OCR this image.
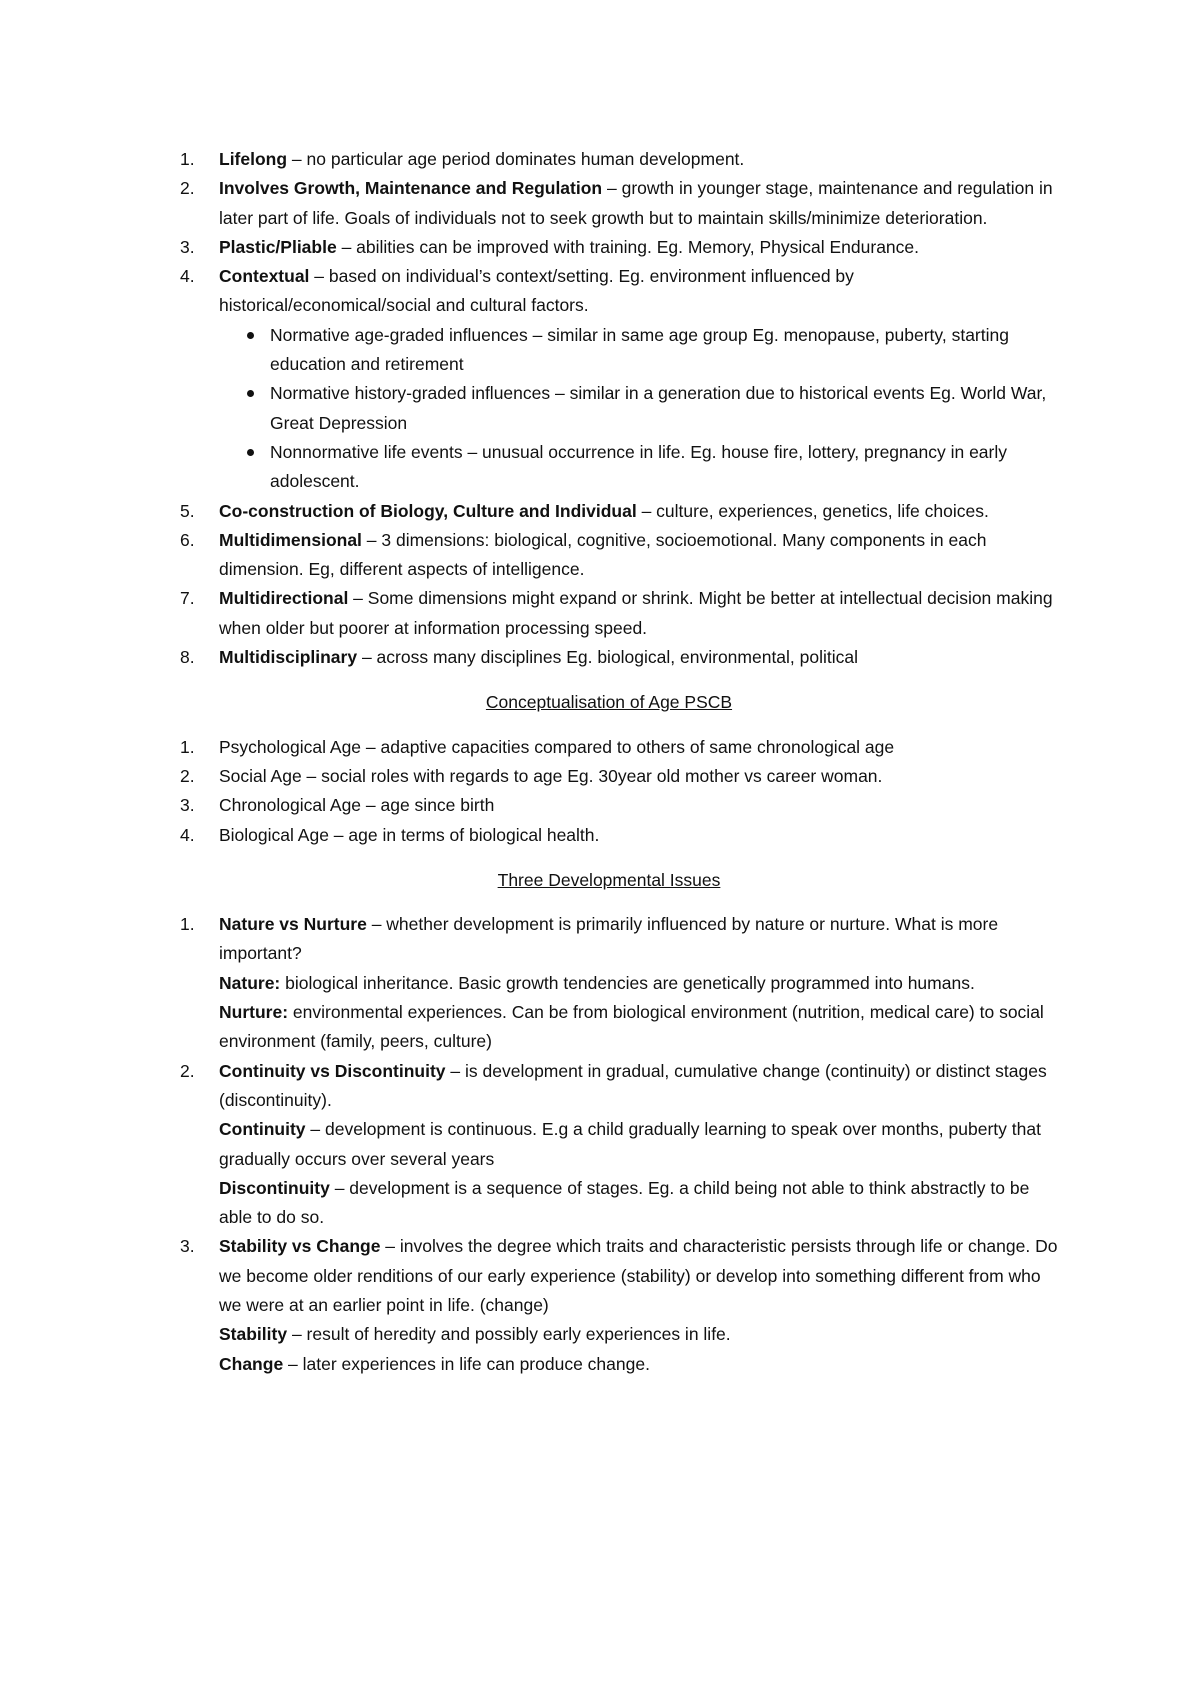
1.	Lifelong – no particular age period dominates human development.
2.	Involves Growth, Maintenance and Regulation – growth in younger stage, maintenance and regulation in later part of life. Goals of individuals not to seek growth but to maintain skills/minimize deterioration.
3.	Plastic/Pliable – abilities can be improved with training. Eg. Memory, Physical Endurance.
4.	Contextual – based on individual’s context/setting. Eg. environment influenced by historical/economical/social and cultural factors.
Normative age-graded influences – similar in same age group Eg. menopause, puberty, starting education and retirement
Normative history-graded influences – similar in a generation due to historical events Eg. World War, Great Depression
Nonnormative life events – unusual occurrence in life. Eg. house fire, lottery, pregnancy in early adolescent.
5.	Co-construction of Biology, Culture and Individual – culture, experiences, genetics, life choices.
6.	Multidimensional – 3 dimensions: biological, cognitive, socioemotional. Many components in each dimension. Eg, different aspects of intelligence.
7.	Multidirectional – Some dimensions might expand or shrink. Might be better at intellectual decision making when older but poorer at information processing speed.
8.	Multidisciplinary – across many disciplines Eg. biological, environmental, political
Conceptualisation of Age PSCB
1.	Psychological Age – adaptive capacities compared to others of same chronological age
2.	Social Age – social roles with regards to age Eg. 30year old mother vs career woman.
3.	Chronological Age – age since birth
4.	Biological Age – age in terms of biological health.
Three Developmental Issues
1.	Nature vs Nurture – whether development is primarily influenced by nature or nurture. What is more important?
Nature: biological inheritance. Basic growth tendencies are genetically programmed into humans.
Nurture: environmental experiences. Can be from biological environment (nutrition, medical care) to social environment (family, peers, culture)
2.	Continuity vs Discontinuity – is development in gradual, cumulative change (continuity) or distinct stages (discontinuity).
Continuity – development is continuous. E.g a child gradually learning to speak over months, puberty that gradually occurs over several years
Discontinuity – development is a sequence of stages. Eg. a child being not able to think abstractly to be able to do so.
3.	Stability vs Change – involves the degree which traits and characteristic persists through life or change. Do we become older renditions of our early experience (stability) or develop into something different from who we were at an earlier point in life. (change)
Stability – result of heredity and possibly early experiences in life.
Change – later experiences in life can produce change.
